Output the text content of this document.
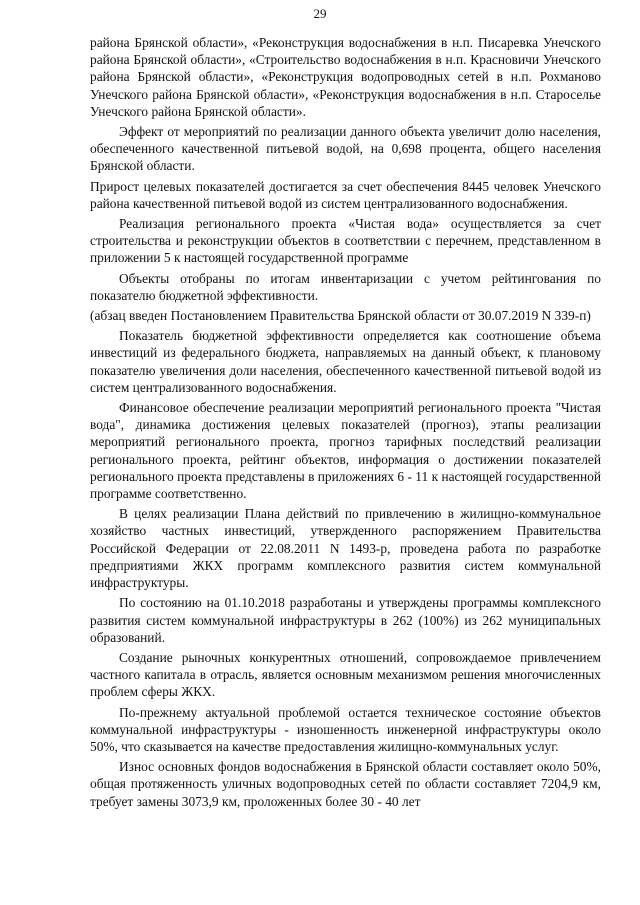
29

района Брянской области», «Реконструкция водоснабжения в н.п. Писаревка Унечского района Брянской области», «Строительство водоснабжения в н.п. Красновичи Унечского района Брянской области», «Реконструкция водопроводных сетей в н.п. Рохманово Унечского района Брянской области», «Реконструкция водоснабжения в н.п. Староселье Унечского района Брянской области».

Эффект от мероприятий по реализации данного объекта увеличит долю населения, обеспеченного качественной питьевой водой, на 0,698 процента, общего населения Брянской области.

Прирост целевых показателей достигается за счет обеспечения 8445 человек Унечского района качественной питьевой водой из систем централизованного водоснабжения.

Реализация регионального проекта «Чистая вода» осуществляется за счет строительства и реконструкции объектов в соответствии с перечнем, представленном в приложении 5 к настоящей государственной программе

Объекты отобраны по итогам инвентаризации с учетом рейтингования по показателю бюджетной эффективности.

(абзац введен Постановлением Правительства Брянской области от 30.07.2019 N 339-п)

Показатель бюджетной эффективности определяется как соотношение объема инвестиций из федерального бюджета, направляемых на данный объект, к плановому показателю увеличения доли населения, обеспеченного качественной питьевой водой из систем централизованного водоснабжения.

Финансовое обеспечение реализации мероприятий регионального проекта "Чистая вода", динамика достижения целевых показателей (прогноз), этапы реализации мероприятий регионального проекта, прогноз тарифных последствий реализации регионального проекта, рейтинг объектов, информация о достижении показателей регионального проекта представлены в приложениях 6 - 11 к настоящей государственной программе соответственно.

В целях реализации Плана действий по привлечению в жилищно-коммунальное хозяйство частных инвестиций, утвержденного распоряжением Правительства Российской Федерации от 22.08.2011 N 1493-р, проведена работа по разработке предприятиями ЖКХ программ комплексного развития систем коммунальной инфраструктуры.

По состоянию на 01.10.2018 разработаны и утверждены программы комплексного развития систем коммунальной инфраструктуры в 262 (100%) из 262 муниципальных образований.

Создание рыночных конкурентных отношений, сопровождаемое привлечением частного капитала в отрасль, является основным механизмом решения многочисленных проблем сферы ЖКХ.

По-прежнему актуальной проблемой остается техническое состояние объектов коммунальной инфраструктуры - изношенность инженерной инфраструктуры около 50%, что сказывается на качестве предоставления жилищно-коммунальных услуг.

Износ основных фондов водоснабжения в Брянской области составляет около 50%, общая протяженность уличных водопроводных сетей по области составляет 7204,9 км, требует замены 3073,9 км, проложенных более 30 - 40 лет
